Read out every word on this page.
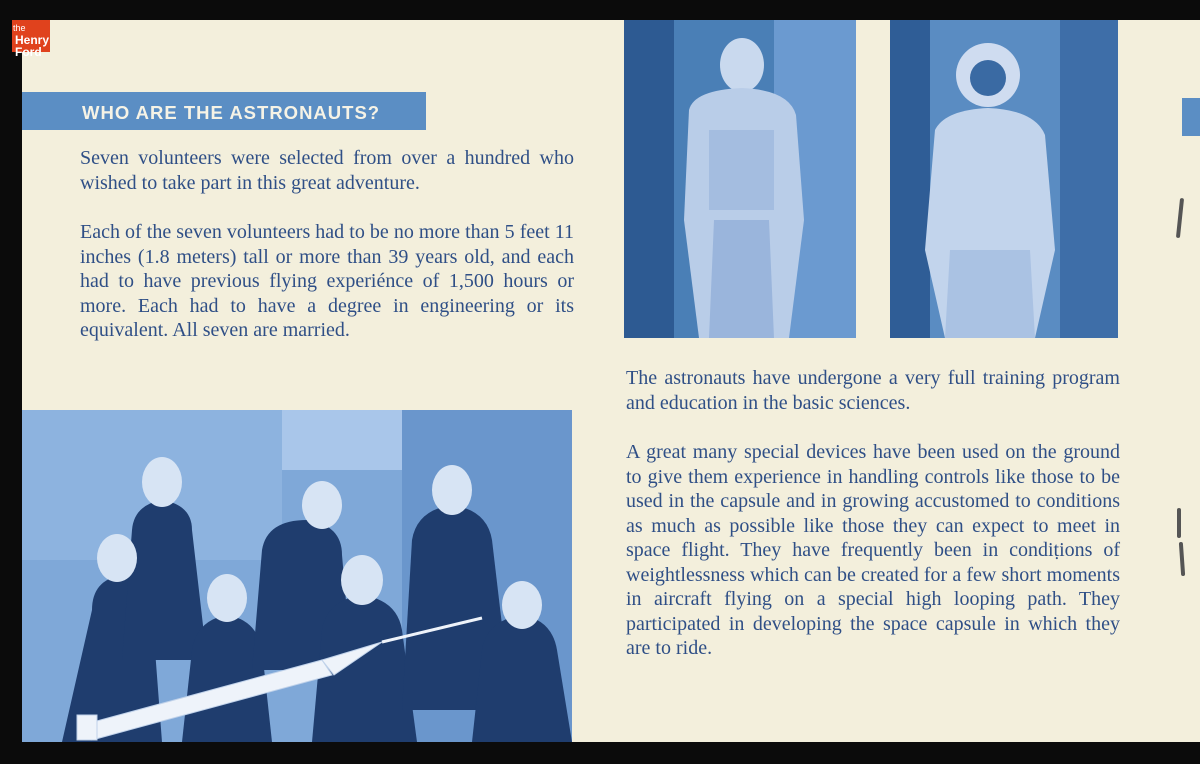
WHO ARE THE ASTRONAUTS?

Seven volunteers were selected from over a hundred who wished to take part in this great adventure.

Each of the seven volunteers had to be no more than 5 feet 11 inches (1.8 meters) tall or more than 39 years old, and each had to have previous flying experiénce of 1,500 hours or more. Each had to have a degree in engineering or its equivalent. All seven are married.

The astronauts have undergone a very full training program and education in the basic sciences.

A great many special devices have been used on the ground to give them experience in handling controls like those to be used in the capsule and in growing accustomed to conditions as much as possible like those they can expect to meet in space flight. They have frequently been in condiṭions of weightlessness which can be created for a few short moments in aircraft flying on a special high looping path. They participated in developing the space capsule in which they are to ride.

the
Henry
Ford
